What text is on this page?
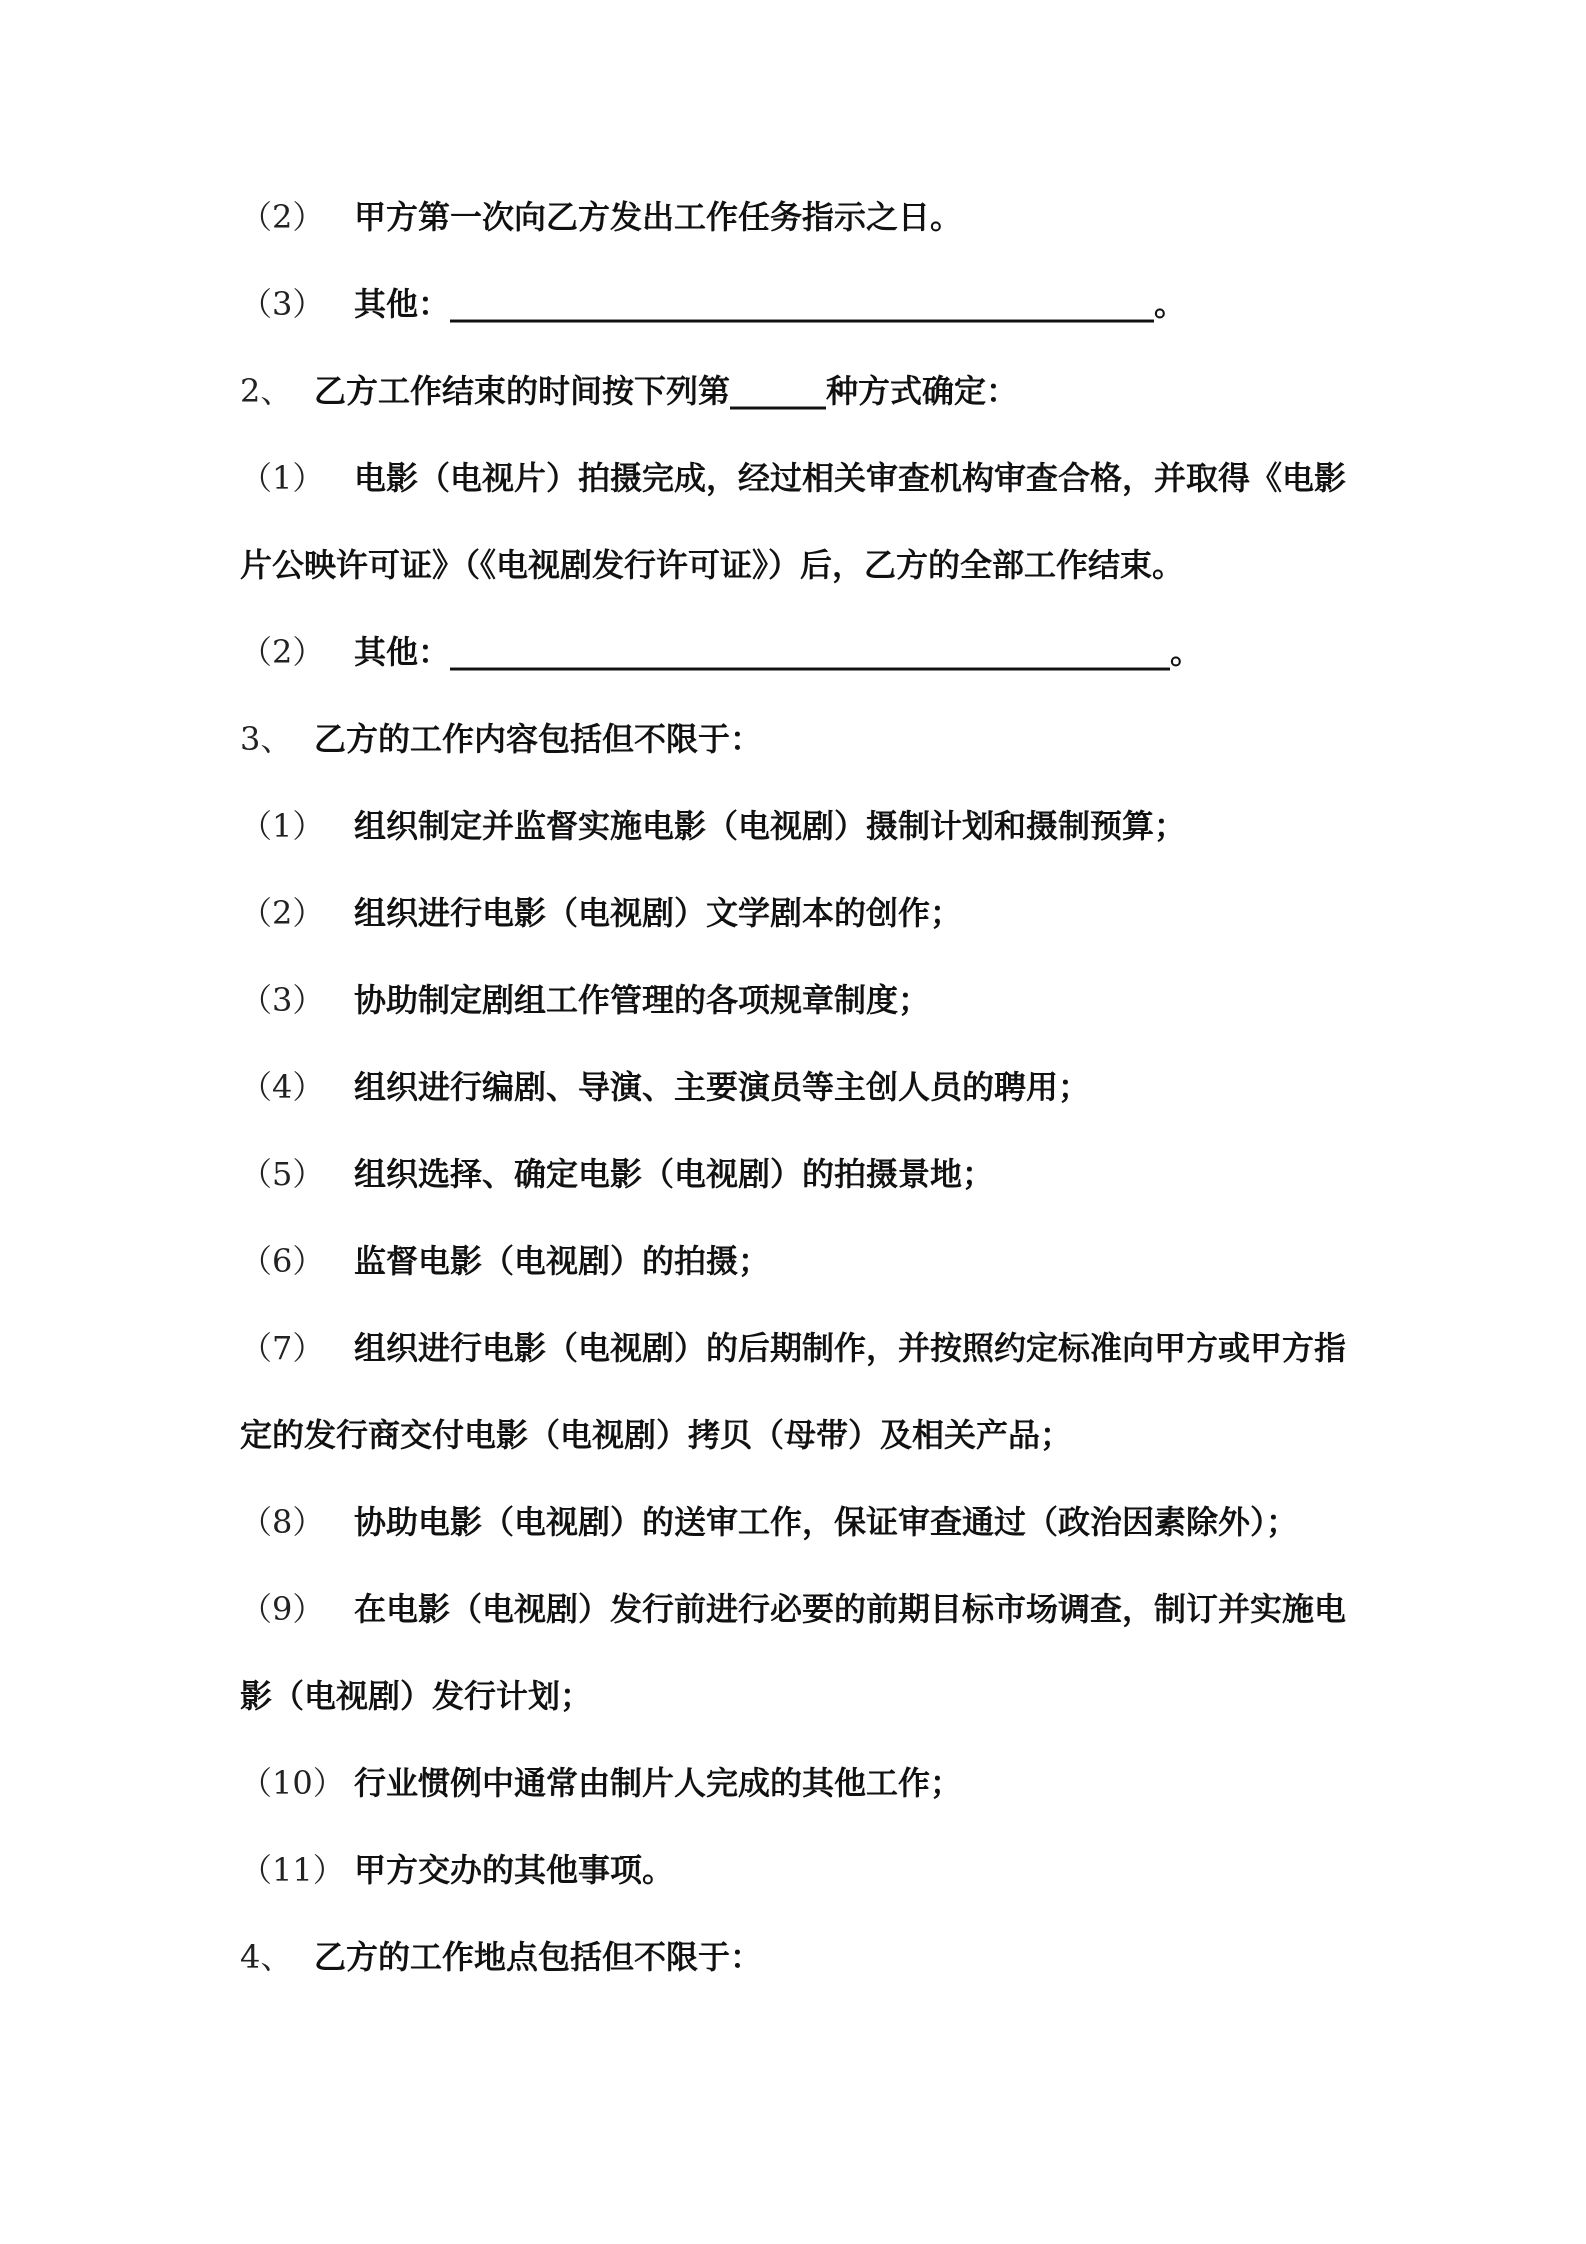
（2） 甲方第一次向乙方发出工作任务指示之日。
（3） 其他：____________________________________________。
2、 乙方工作结束的时间按下列第______种方式确定：
（1） 电影（电视片）拍摄完成，经过相关审查机构审查合格，并取得《电影
片公映许可证》（《电视剧发行许可证》）后，乙方的全部工作结束。
（2） 其他：_____________________________________________。
3、 乙方的工作内容包括但不限于：
（1） 组织制定并监督实施电影（电视剧）摄制计划和摄制预算；
（2） 组织进行电影（电视剧）文学剧本的创作；
（3） 协助制定剧组工作管理的各项规章制度；
（4） 组织进行编剧、导演、主要演员等主创人员的聘用；
（5） 组织选择、确定电影（电视剧）的拍摄景地；
（6） 监督电影（电视剧）的拍摄；
（7） 组织进行电影（电视剧）的后期制作，并按照约定标准向甲方或甲方指
定的发行商交付电影（电视剧）拷贝（母带）及相关产品；
（8） 协助电影（电视剧）的送审工作，保证审查通过（政治因素除外）；
（9） 在电影（电视剧）发行前进行必要的前期目标市场调查，制订并实施电
影（电视剧）发行计划；
（10） 行业惯例中通常由制片人完成的其他工作；
（11） 甲方交办的其他事项。
4、 乙方的工作地点包括但不限于：
